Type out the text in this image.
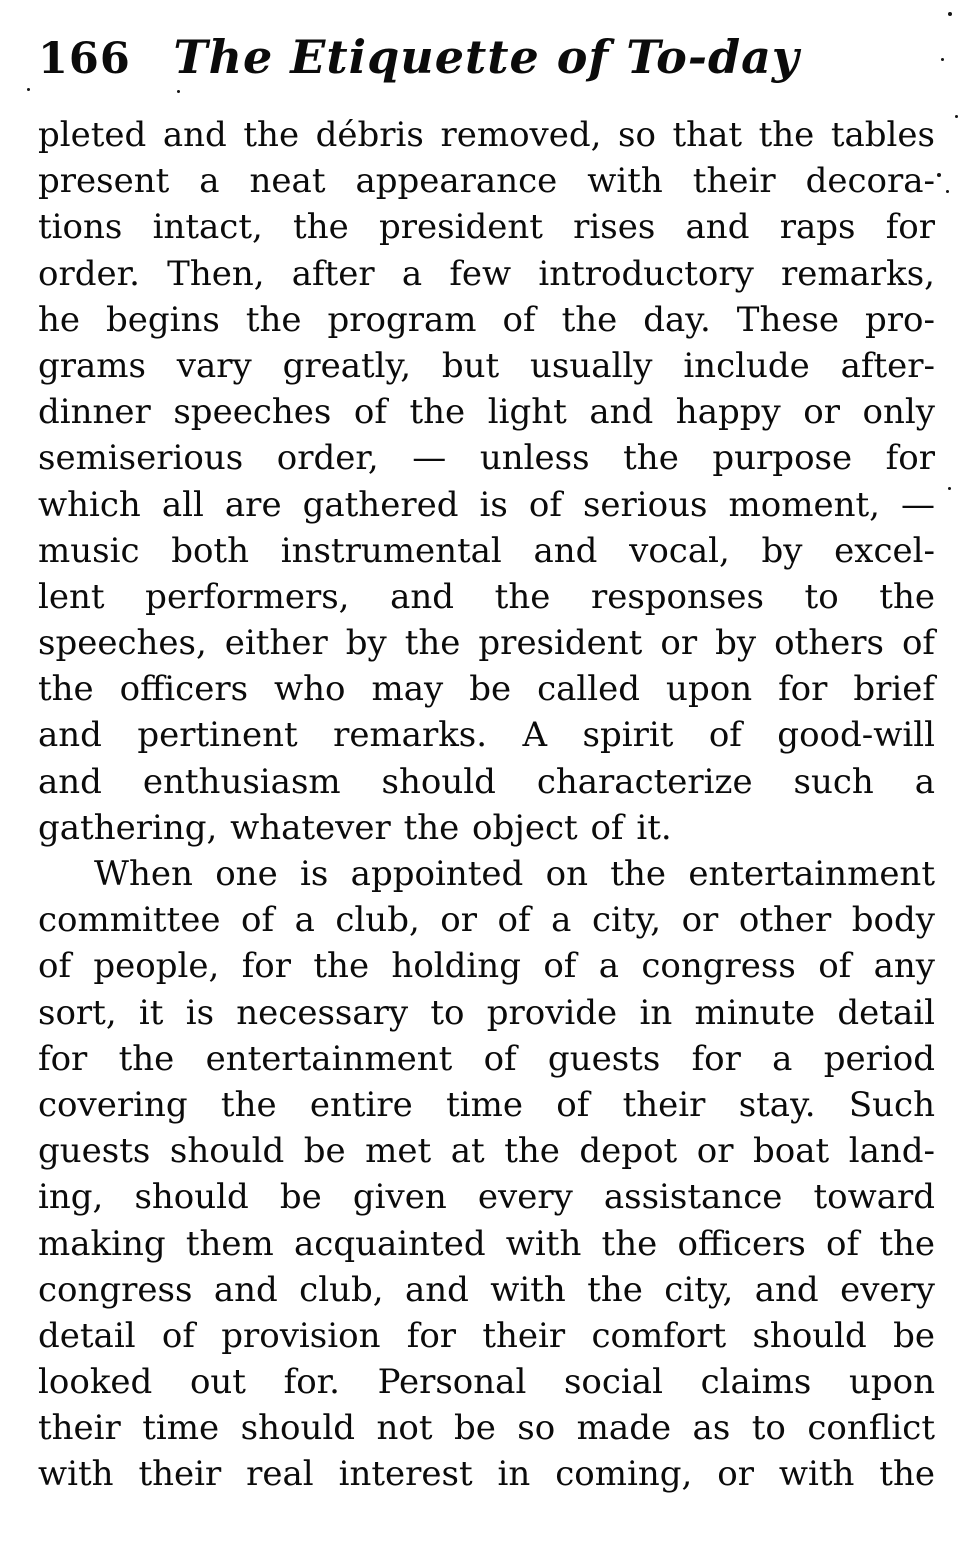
166 The Etiquette of To-day
pleted and the débris removed, so that the tables
present a neat appearance with their decora-
tions intact, the president rises and raps for
order. Then, after a few introductory remarks,
he begins the program of the day. These pro-
grams vary greatly, but usually include after-
dinner speeches of the light and happy or only
semiserious order, — unless the purpose for
which all are gathered is of serious moment, —
music both instrumental and vocal, by excel-
lent performers, and the responses to the
speeches, either by the president or by others of
the officers who may be called upon for brief
and pertinent remarks. A spirit of good-will
and enthusiasm should characterize such a
gathering, whatever the object of it.
When one is appointed on the entertainment
committee of a club, or of a city, or other body
of people, for the holding of a congress of any
sort, it is necessary to provide in minute detail
for the entertainment of guests for a period
covering the entire time of their stay. Such
guests should be met at the depot or boat land-
ing, should be given every assistance toward
making them acquainted with the officers of the
congress and club, and with the city, and every
detail of provision for their comfort should be
looked out for. Personal social claims upon
their time should not be so made as to conflict
with their real interest in coming, or with the
